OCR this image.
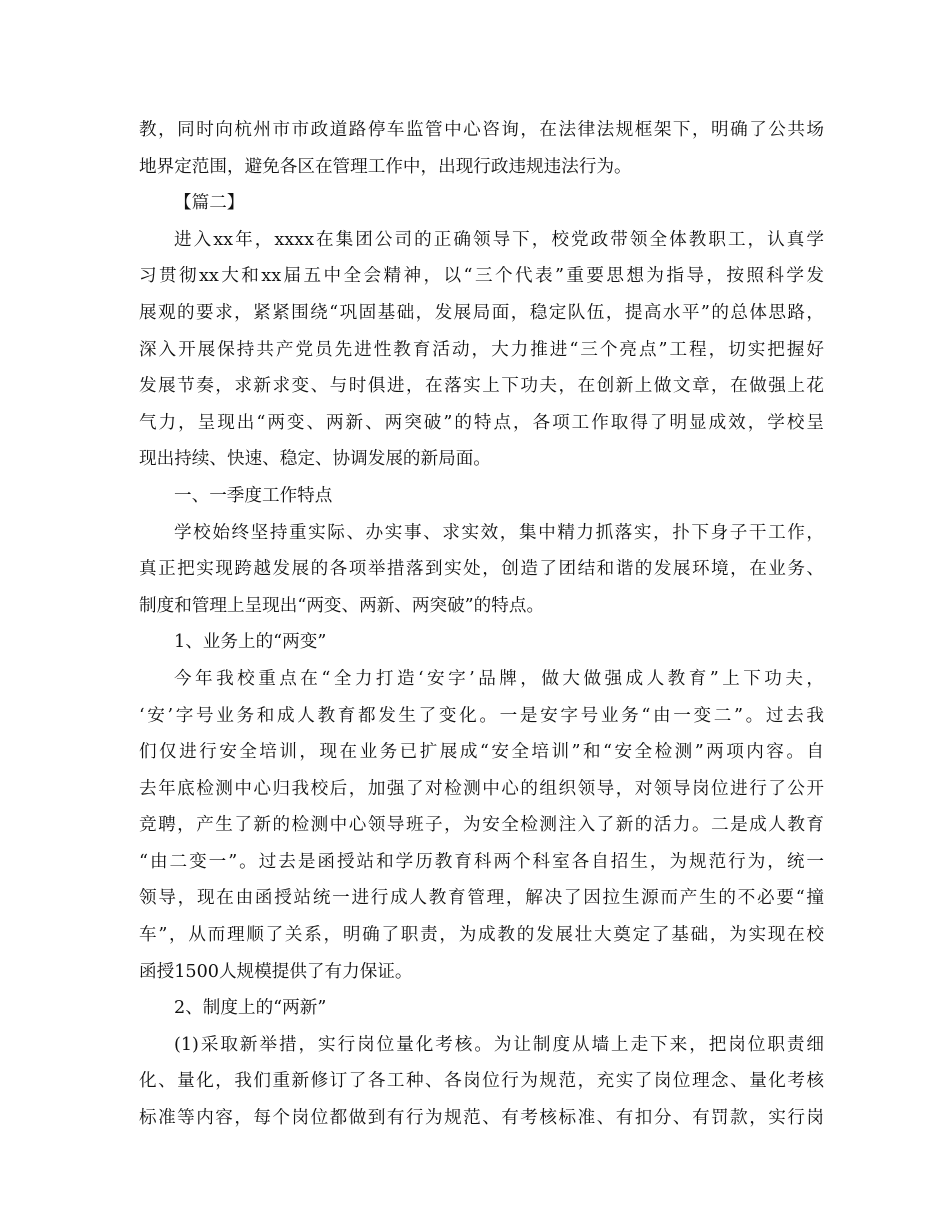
教，同时向杭州市市政道路停车监管中心咨询，在法律法规框架下，明确了公共场
地界定范围，避免各区在管理工作中，出现行政违规违法行为。
【篇二】
进入xx年，xxxx在集团公司的正确领导下，校党政带领全体教职工，认真学
习贯彻xx大和xx届五中全会精神，以“三个代表”重要思想为指导，按照科学发
展观的要求，紧紧围绕“巩固基础，发展局面，稳定队伍，提高水平”的总体思路，
深入开展保持共产党员先进性教育活动，大力推进“三个亮点”工程，切实把握好
发展节奏，求新求变、与时俱进，在落实上下功夫，在创新上做文章，在做强上花
气力，呈现出“两变、两新、两突破”的特点，各项工作取得了明显成效，学校呈
现出持续、快速、稳定、协调发展的新局面。
一、一季度工作特点
学校始终坚持重实际、办实事、求实效，集中精力抓落实，扑下身子干工作，
真正把实现跨越发展的各项举措落到实处，创造了团结和谐的发展环境，在业务、
制度和管理上呈现出“两变、两新、两突破”的特点。
1、业务上的“两变”
今年我校重点在“全力打造‘安字’品牌，做大做强成人教育”上下功夫，
‘安’字号业务和成人教育都发生了变化。一是安字号业务“由一变二”。过去我
们仅进行安全培训，现在业务已扩展成“安全培训”和“安全检测”两项内容。自
去年底检测中心归我校后，加强了对检测中心的组织领导，对领导岗位进行了公开
竞聘，产生了新的检测中心领导班子，为安全检测注入了新的活力。二是成人教育
“由二变一”。过去是函授站和学历教育科两个科室各自招生，为规范行为，统一
领导，现在由函授站统一进行成人教育管理，解决了因拉生源而产生的不必要“撞
车”，从而理顺了关系，明确了职责，为成教的发展壮大奠定了基础，为实现在校
函授1500人规模提供了有力保证。
2、制度上的“两新”
(1)采取新举措，实行岗位量化考核。为让制度从墙上走下来，把岗位职责细
化、量化，我们重新修订了各工种、各岗位行为规范，充实了岗位理念、量化考核
标准等内容，每个岗位都做到有行为规范、有考核标准、有扣分、有罚款，实行岗
